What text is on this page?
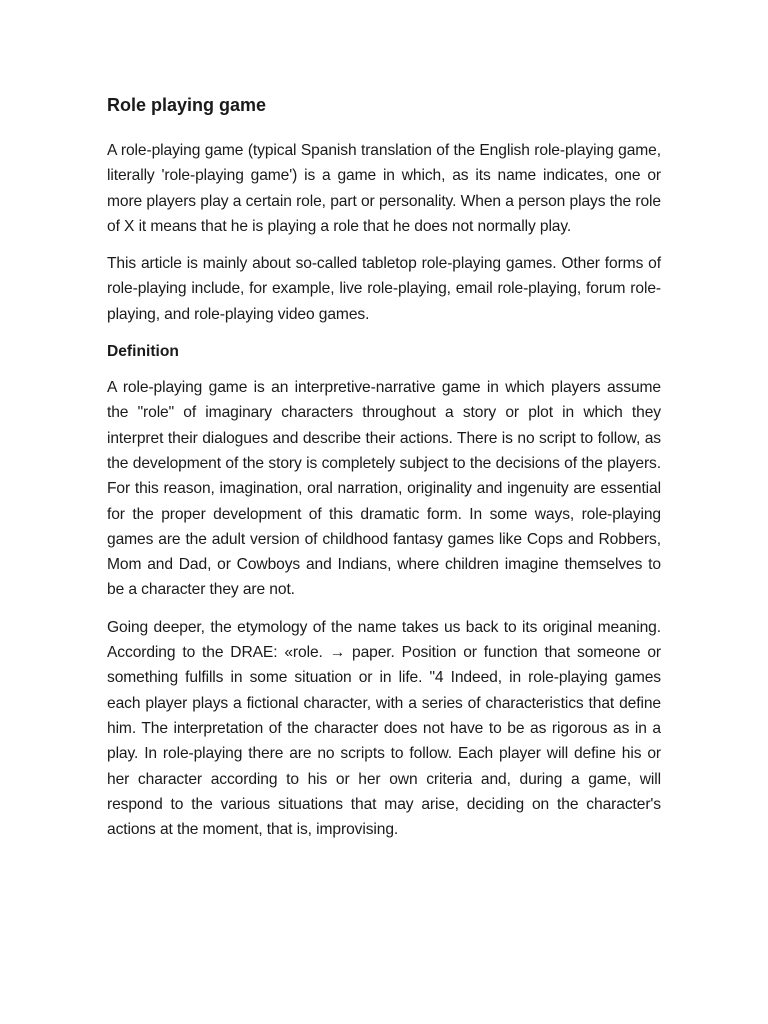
Role playing game

A role-playing game (typical Spanish translation of the English role-playing game, literally 'role-playing game') is a game in which, as its name indicates, one or more players play a certain role, part or personality. When a person plays the role of X it means that he is playing a role that he does not normally play.

This article is mainly about so-called tabletop role-playing games. Other forms of role-playing include, for example, live role-playing, email role-playing, forum role-playing, and role-playing video games.

Definition

A role-playing game is an interpretive-narrative game in which players assume the "role" of imaginary characters throughout a story or plot in which they interpret their dialogues and describe their actions. There is no script to follow, as the development of the story is completely subject to the decisions of the players. For this reason, imagination, oral narration, originality and ingenuity are essential for the proper development of this dramatic form. In some ways, role-playing games are the adult version of childhood fantasy games like Cops and Robbers, Mom and Dad, or Cowboys and Indians, where children imagine themselves to be a character they are not.

Going deeper, the etymology of the name takes us back to its original meaning. According to the DRAE: «role. → paper. Position or function that someone or something fulfills in some situation or in life. "4 Indeed, in role-playing games each player plays a fictional character, with a series of characteristics that define him. The interpretation of the character does not have to be as rigorous as in a play. In role-playing there are no scripts to follow. Each player will define his or her character according to his or her own criteria and, during a game, will respond to the various situations that may arise, deciding on the character's actions at the moment, that is, improvising.
